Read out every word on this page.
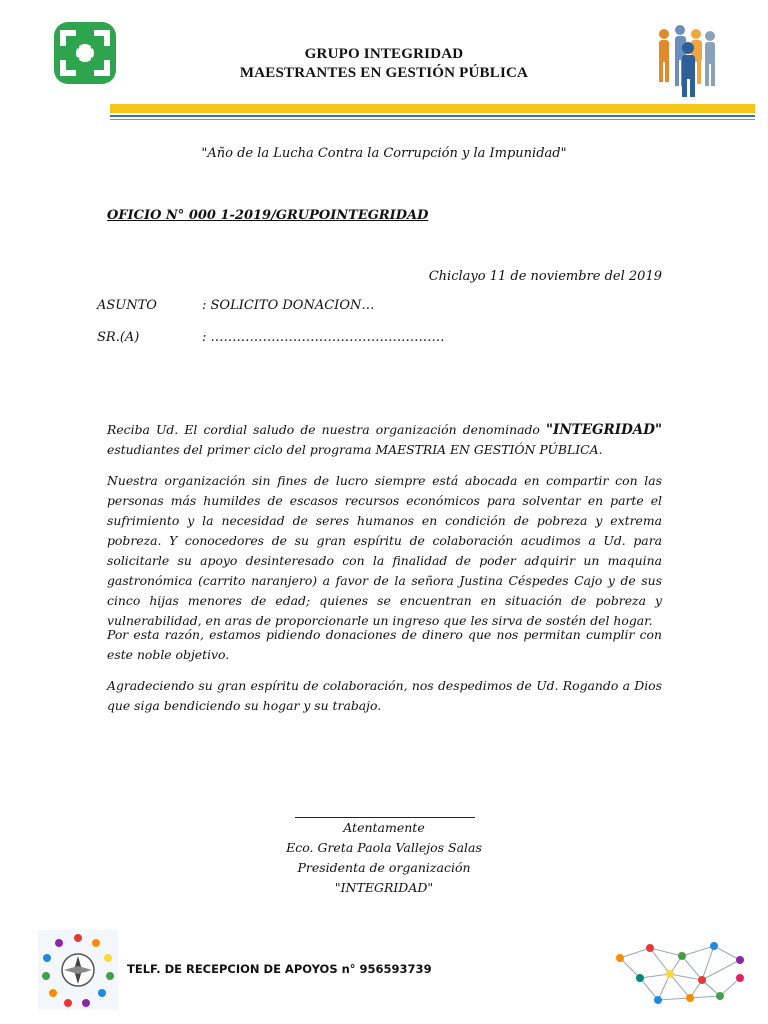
GRUPO INTEGRIDAD
MAESTRANTES EN GESTIÓN PÚBLICA
"Año de la Lucha Contra la Corrupción y la Impunidad"
OFICIO N° 000 1-2019/GRUPOINTEGRIDAD
Chiclayo 11 de noviembre del 2019
ASUNTO	: SOLICITO DONACION…
SR.(A)	: ………………………………………………
Reciba Ud. El cordial saludo de nuestra organización denominado "INTEGRIDAD" estudiantes del primer ciclo del programa MAESTRIA EN GESTIÓN PÚBLICA.
Nuestra organización sin fines de lucro siempre está abocada en compartir con las personas más humildes de escasos recursos económicos para solventar en parte el sufrimiento y la necesidad de seres humanos en condición de pobreza y extrema pobreza. Y conocedores de su gran espíritu de colaboración acudimos a Ud. para solicitarle su apoyo desinteresado con la finalidad de poder adquirir un maquina gastronómica (carrito naranjero) a favor de la señora Justina Céspedes Cajo y de sus cinco hijas menores de edad; quienes se encuentran en situación de pobreza y vulnerabilidad, en aras de proporcionarle un ingreso que les sirva de sostén del hogar.
Por esta razón, estamos pidiendo donaciones de dinero que nos permitan cumplir con este noble objetivo.
Agradeciendo su gran espíritu de colaboración, nos despedimos de Ud. Rogando a Dios que siga bendiciendo su hogar y su trabajo.
Atentamente
Eco. Greta Paola Vallejos Salas
Presidenta de organización
"INTEGRIDAD"
TELF. DE RECEPCION DE APOYOS n° 956593739
